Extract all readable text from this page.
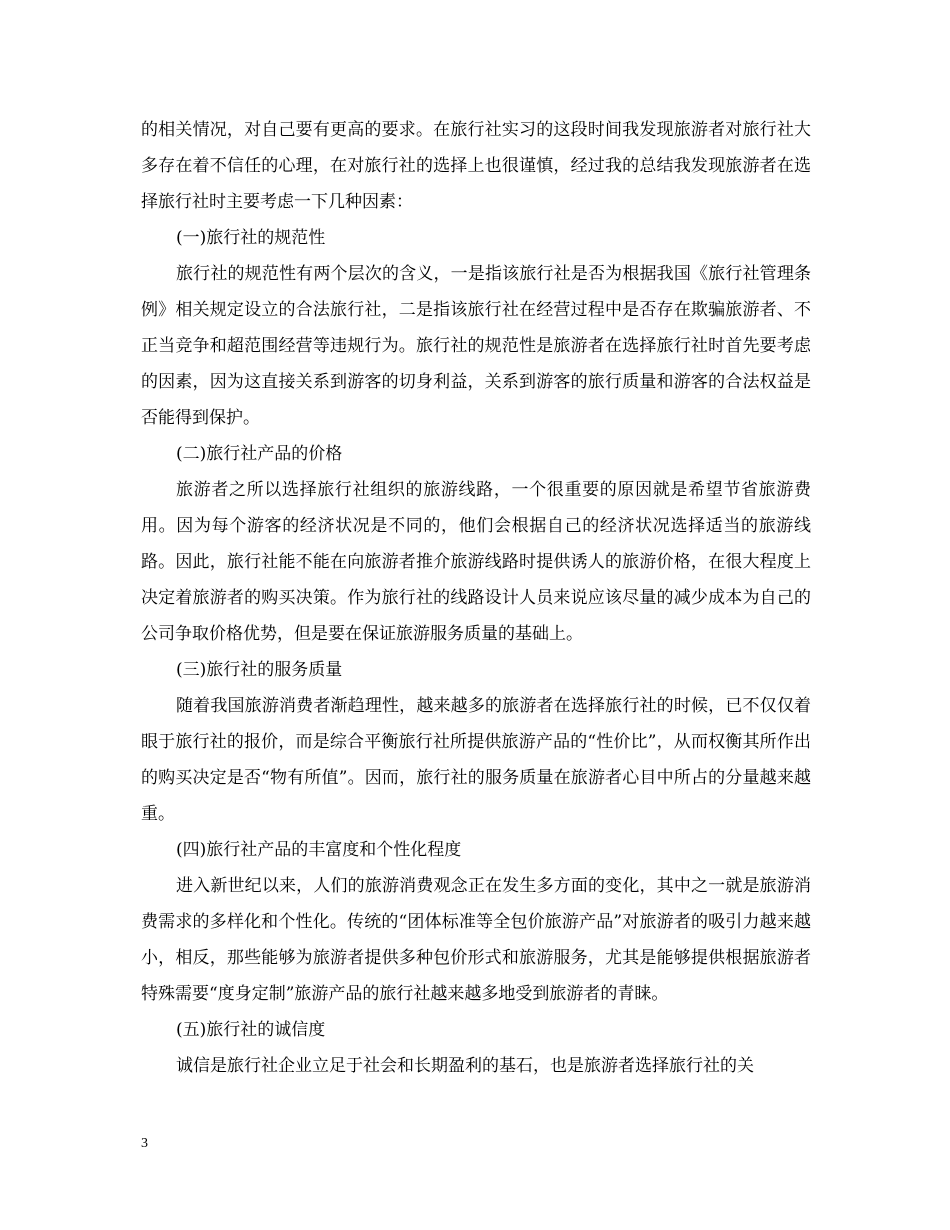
的相关情况，对自己要有更高的要求。在旅行社实习的这段时间我发现旅游者对旅行社大多存在着不信任的心理，在对旅行社的选择上也很谨慎，经过我的总结我发现旅游者在选择旅行社时主要考虑一下几种因素：

(一)旅行社的规范性

旅行社的规范性有两个层次的含义，一是指该旅行社是否为根据我国《旅行社管理条例》相关规定设立的合法旅行社，二是指该旅行社在经营过程中是否存在欺骗旅游者、不正当竞争和超范围经营等违规行为。旅行社的规范性是旅游者在选择旅行社时首先要考虑的因素，因为这直接关系到游客的切身利益，关系到游客的旅行质量和游客的合法权益是否能得到保护。

(二)旅行社产品的价格

旅游者之所以选择旅行社组织的旅游线路，一个很重要的原因就是希望节省旅游费用。因为每个游客的经济状况是不同的，他们会根据自己的经济状况选择适当的旅游线路。因此，旅行社能不能在向旅游者推介旅游线路时提供诱人的旅游价格，在很大程度上决定着旅游者的购买决策。作为旅行社的线路设计人员来说应该尽量的减少成本为自己的公司争取价格优势，但是要在保证旅游服务质量的基础上。

(三)旅行社的服务质量

随着我国旅游消费者渐趋理性，越来越多的旅游者在选择旅行社的时候，已不仅仅着眼于旅行社的报价，而是综合平衡旅行社所提供旅游产品的“性价比”，从而权衡其所作出的购买决定是否“物有所值”。因而，旅行社的服务质量在旅游者心目中所占的分量越来越重。

(四)旅行社产品的丰富度和个性化程度

进入新世纪以来，人们的旅游消费观念正在发生多方面的变化，其中之一就是旅游消费需求的多样化和个性化。传统的“团体标准等全包价旅游产品”对旅游者的吸引力越来越小，相反，那些能够为旅游者提供多种包价形式和旅游服务，尤其是能够提供根据旅游者特殊需要“度身定制”旅游产品的旅行社越来越多地受到旅游者的青睐。

(五)旅行社的诚信度

诚信是旅行社企业立足于社会和长期盈利的基石，也是旅游者选择旅行社的关

3
